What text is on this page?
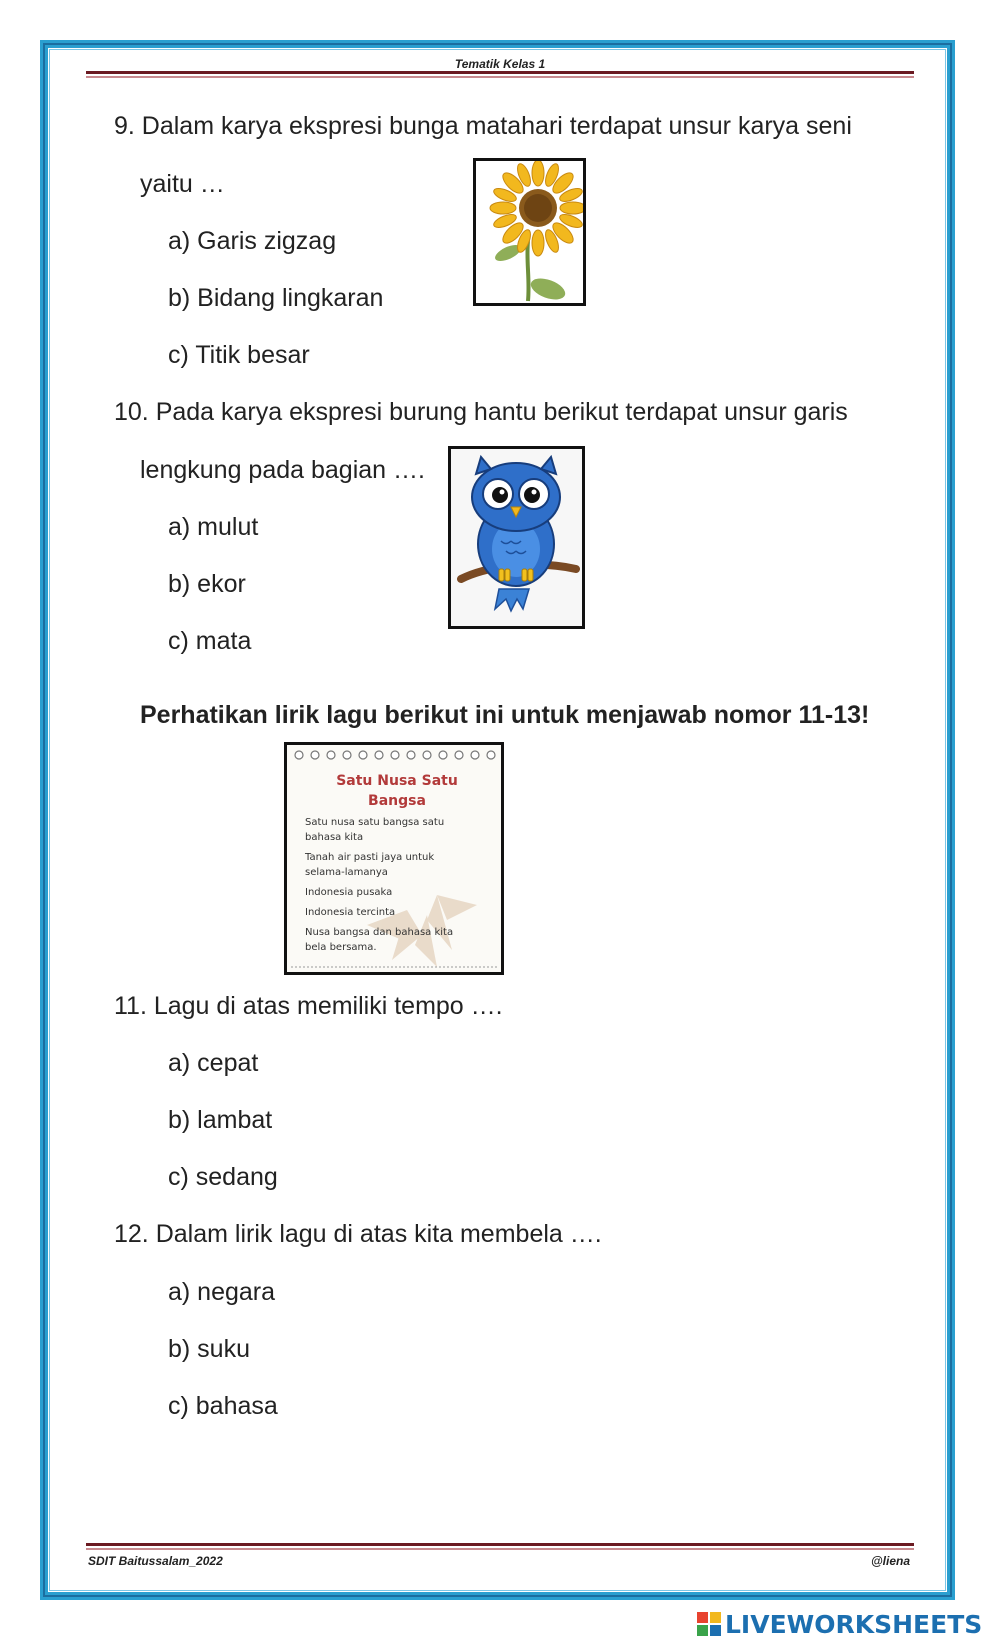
Tematik Kelas 1
9. Dalam karya ekspresi bunga matahari terdapat unsur karya seni
yaitu …
a) Garis zigzag
b) Bidang lingkaran
c) Titik besar
10. Pada karya ekspresi burung hantu berikut terdapat unsur garis
lengkung pada bagian ….
a) mulut
b) ekor
c) mata
Perhatikan lirik lagu berikut ini untuk menjawab nomor 11-13!
Satu Nusa Satu
Bangsa
Satu nusa satu bangsa satu
bahasa kita
Tanah air pasti jaya untuk
selama-lamanya
Indonesia pusaka
Indonesia tercinta
Nusa bangsa dan bahasa kita
bela bersama.
11. Lagu di atas memiliki tempo ….
a) cepat
b) lambat
c) sedang
12. Dalam lirik lagu di atas kita membela ….
a) negara
b) suku
c) bahasa
SDIT Baitussalam_2022	@liena
LIVEWORKSHEETS
